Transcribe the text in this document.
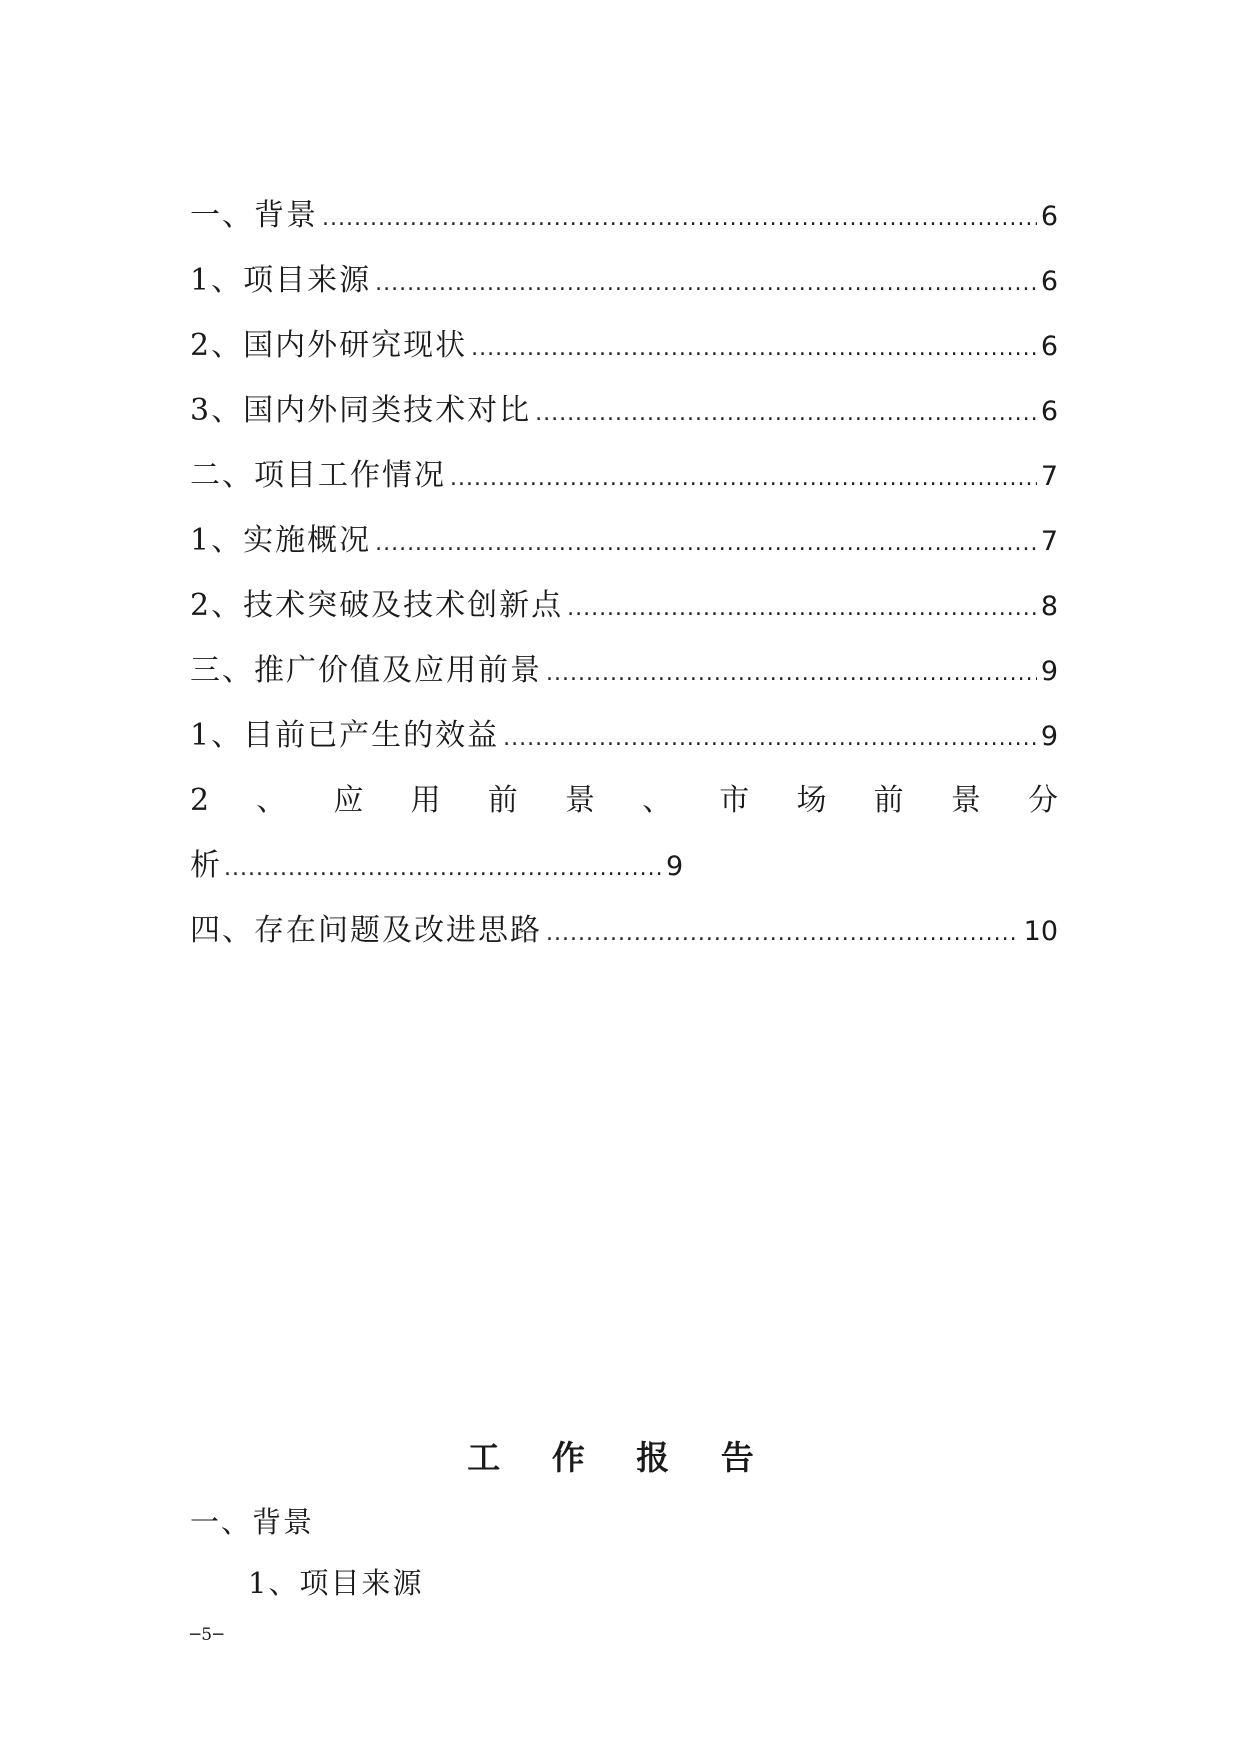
一、背景 .....	6
1、项目来源 .....	6
2、国内外研究现状 .....	6
3、国内外同类技术对比 .....	6
二、项目工作情况 .....	7
1、实施概况 .....	7
2、技术突破及技术创新点 .....	8
三、推广价值及应用前景 .....	9
1、目前已产生的效益 .....	9
2 、 应 用 前 景 、 市 场 前 景 分
析 .....	9
四、存在问题及改进思路 .....	10
工 作 报 告
一、背景
1、项目来源
─5─
